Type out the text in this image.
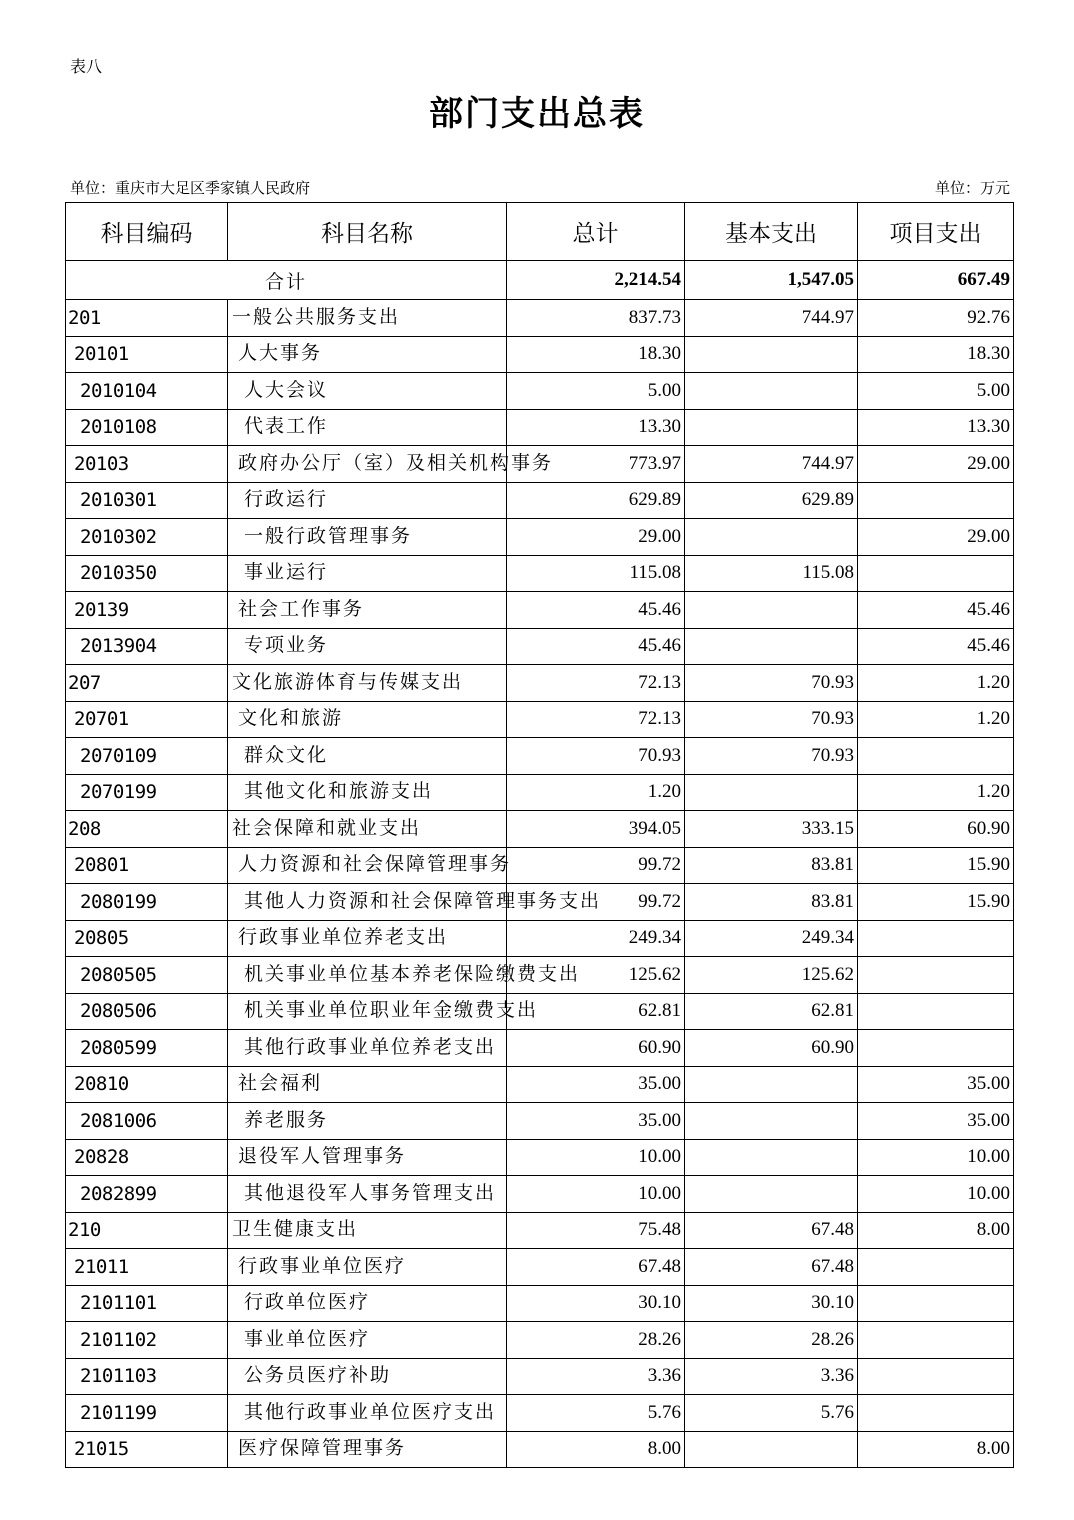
表八
部门支出总表
单位：重庆市大足区季家镇人民政府	单位：万元
科目编码	科目名称	总计	基本支出	项目支出
合计		2,214.54	1,547.05	667.49
201	一般公共服务支出	837.73	744.97	92.76
20101	人大事务	18.30		18.30
2010104	人大会议	5.00		5.00
2010108	代表工作	13.30		13.30
20103	政府办公厅（室）及相关机构事务	773.97	744.97	29.00
2010301	行政运行	629.89	629.89	
2010302	一般行政管理事务	29.00		29.00
2010350	事业运行	115.08	115.08	
20139	社会工作事务	45.46		45.46
2013904	专项业务	45.46		45.46
207	文化旅游体育与传媒支出	72.13	70.93	1.20
20701	文化和旅游	72.13	70.93	1.20
2070109	群众文化	70.93	70.93	
2070199	其他文化和旅游支出	1.20		1.20
208	社会保障和就业支出	394.05	333.15	60.90
20801	人力资源和社会保障管理事务	99.72	83.81	15.90
2080199	其他人力资源和社会保障管理事务支出	99.72	83.81	15.90
20805	行政事业单位养老支出	249.34	249.34	
2080505	机关事业单位基本养老保险缴费支出	125.62	125.62	
2080506	机关事业单位职业年金缴费支出	62.81	62.81	
2080599	其他行政事业单位养老支出	60.90	60.90	
20810	社会福利	35.00		35.00
2081006	养老服务	35.00		35.00
20828	退役军人管理事务	10.00		10.00
2082899	其他退役军人事务管理支出	10.00		10.00
210	卫生健康支出	75.48	67.48	8.00
21011	行政事业单位医疗	67.48	67.48	
2101101	行政单位医疗	30.10	30.10	
2101102	事业单位医疗	28.26	28.26	
2101103	公务员医疗补助	3.36	3.36	
2101199	其他行政事业单位医疗支出	5.76	5.76	
21015	医疗保障管理事务	8.00		8.00
